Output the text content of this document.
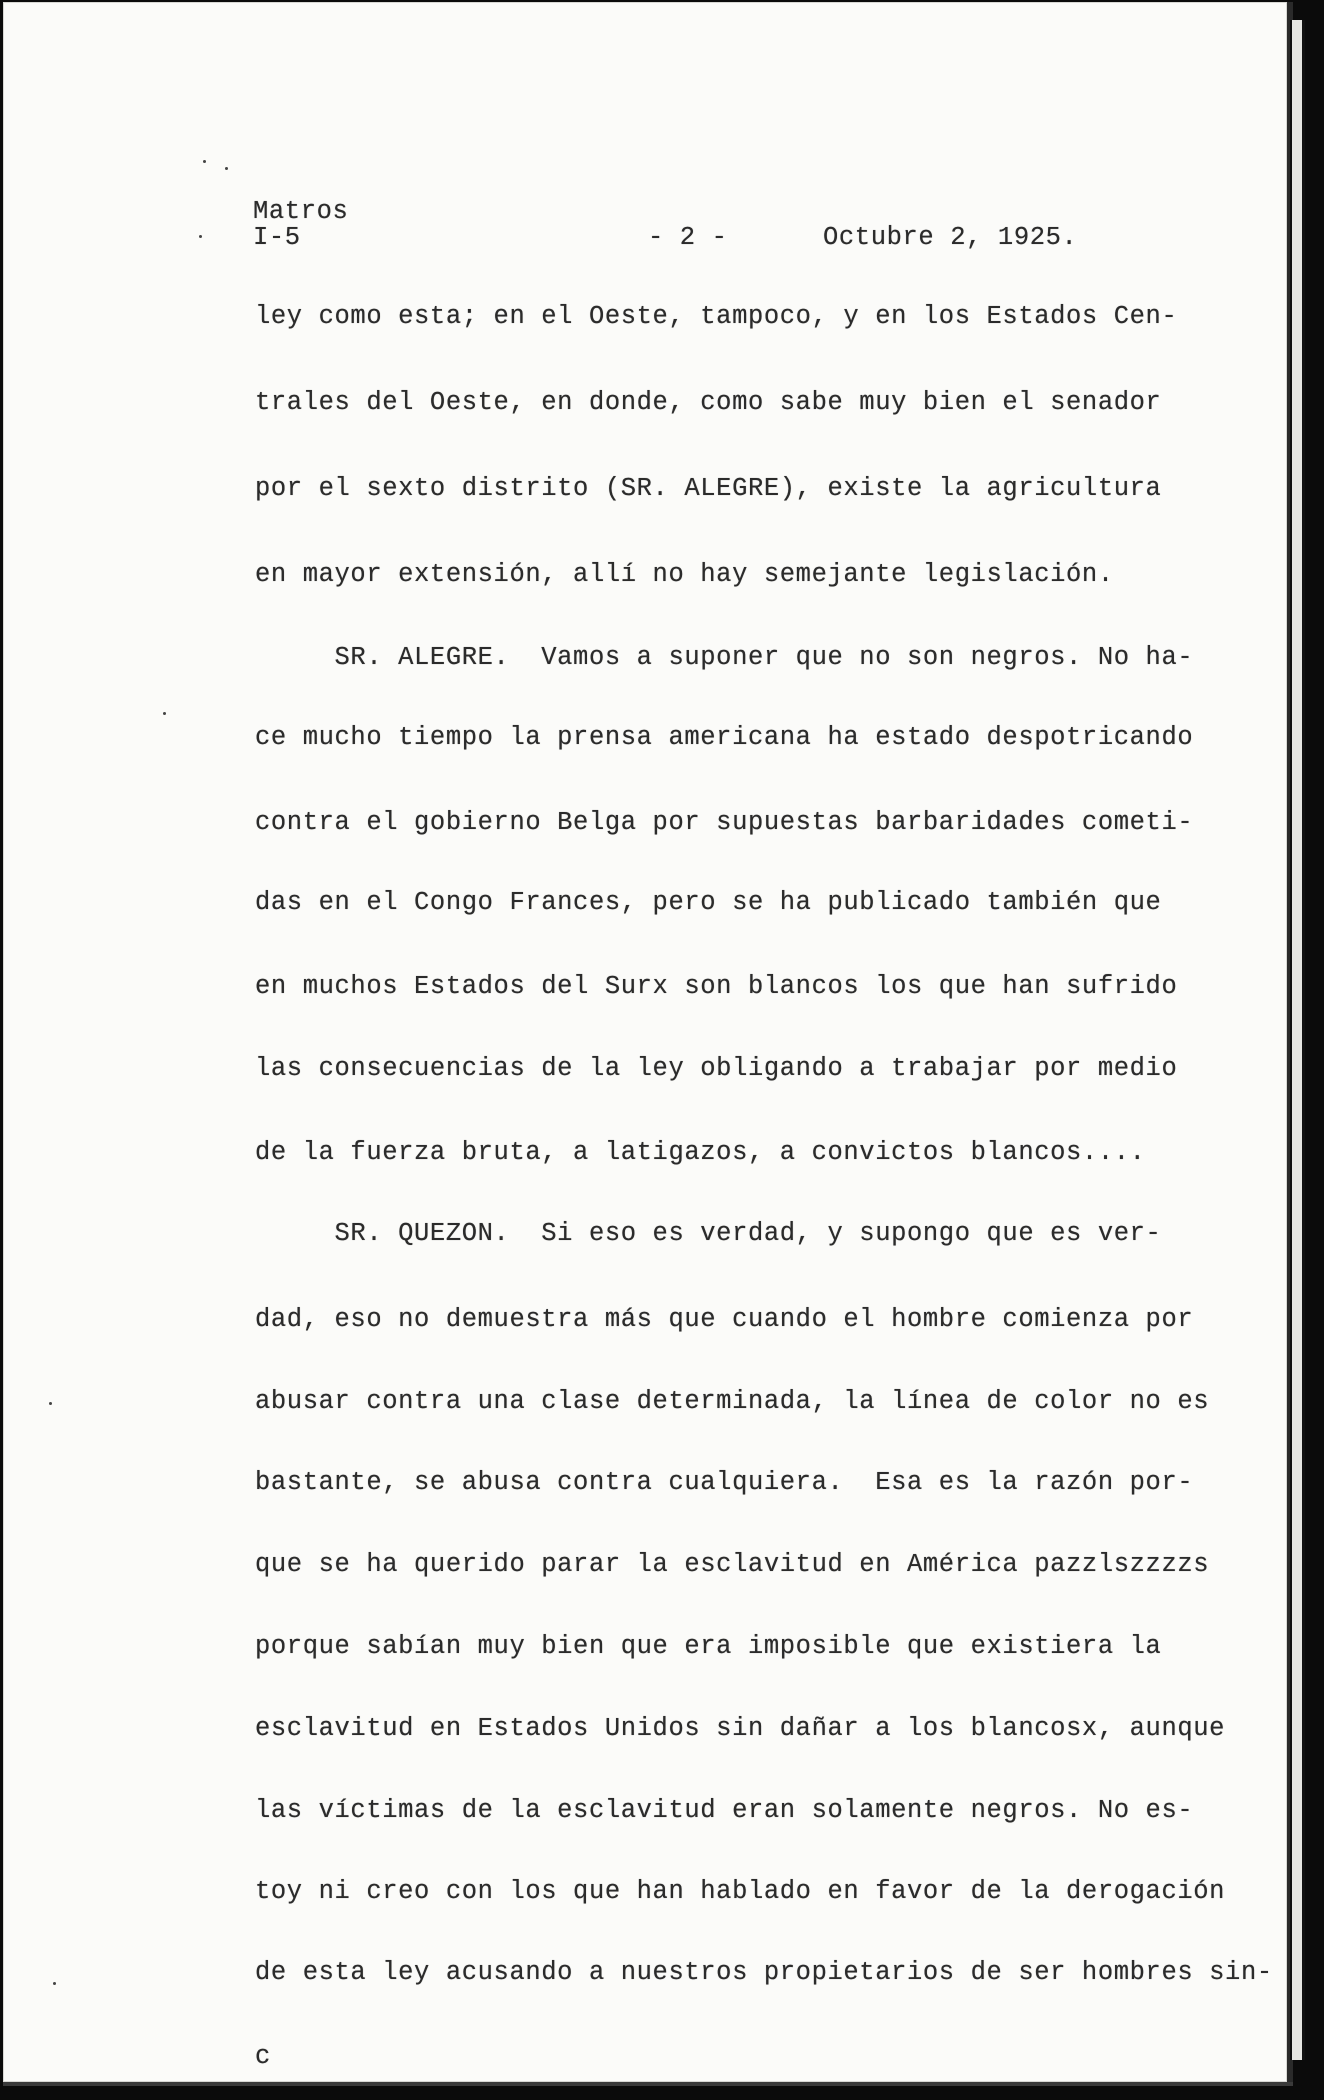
Matros
I-5	- 2 -	Octubre 2, 1925.
ley como esta; en el Oeste, tampoco, y en los Estados Cen-
trales del Oeste, en donde, como sabe muy bien el senador
por el sexto distrito (SR. ALEGRE), existe la agricultura
en mayor extensión, allí no hay semejante legislación.
SR. ALEGRE.  Vamos a suponer que no son negros. No ha-
ce mucho tiempo la prensa americana ha estado despotricando
contra el gobierno Belga por supuestas barbaridades cometi-
das en el Congo Frances, pero se ha publicado también que
en muchos Estados del Surx son blancos los que han sufrido
las consecuencias de la ley obligando a trabajar por medio
de la fuerza bruta, a latigazos, a convictos blancos....
SR. QUEZON.  Si eso es verdad, y supongo que es ver-
dad, eso no demuestra más que cuando el hombre comienza por
abusar contra una clase determinada, la línea de color no es
bastante, se abusa contra cualquiera.  Esa es la razón por-
que se ha querido parar la esclavitud en América pazzlszzzzs
porque sabían muy bien que era imposible que existiera la
esclavitud en Estados Unidos sin dañar a los blancosx, aunque
las víctimas de la esclavitud eran solamente negros. No es-
toy ni creo con los que han hablado en favor de la derogación
de esta ley acusando a nuestros propietarios de ser hombres sin-
c
